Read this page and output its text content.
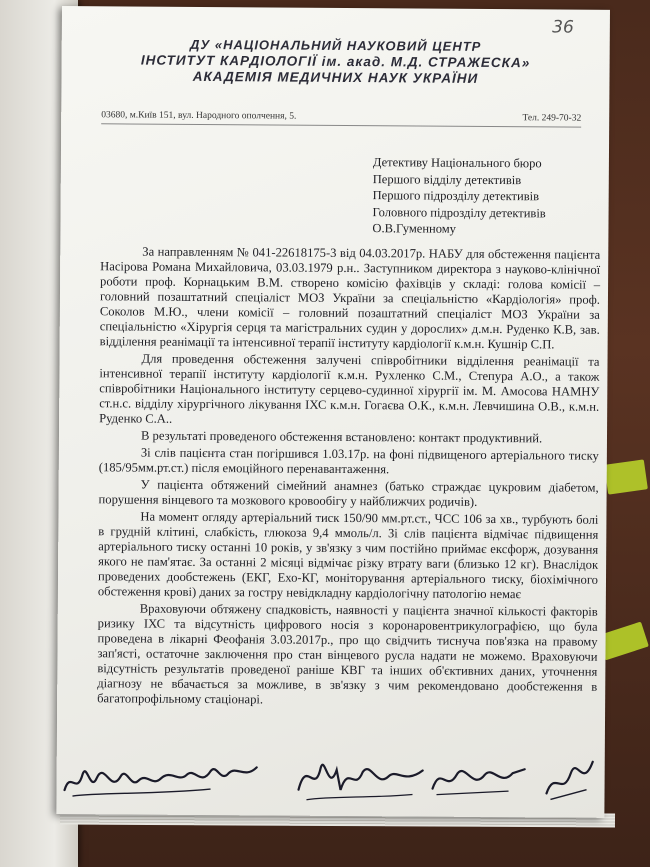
36
ДУ «НАЦІОНАЛЬНИЙ НАУКОВИЙ ЦЕНТР
ІНСТИТУТ КАРДІОЛОГІЇ ім. акад. М.Д. СТРАЖЕСКА»
АКАДЕМІЯ МЕДИЧНИХ НАУК УКРАЇНИ
03680, м.Київ 151, вул. Народного ополчення, 5.	Тел. 249-70-32
Детективу Національного бюро
Першого відділу детективів
Першого підрозділу детективів
Головного підрозділу детективів
О.В.Гуменному

За направленням № 041-22618175-3 від 04.03.2017р. НАБУ для обстеження пацієнта Насірова Романа Михайловича, 03.03.1979 р.н.. Заступником директора з науково-клінічної роботи проф. Корнацьким В.М. створено комісію фахівців у складі: голова комісії – головний позаштатний спеціаліст МОЗ України за спеціальністю «Кардіологія» проф. Соколов М.Ю., члени комісії – головний позаштатний спеціаліст МОЗ України за спеціальністю «Хірургія серця та магістральних судин у дорослих» д.м.н. Руденко К.В, зав. відділення реанімації та інтенсивної терапії інституту кардіології к.м.н. Кушнір С.П.

Для проведення обстеження залучені співробітники відділення реанімації та інтенсивної терапії інституту кардіології к.м.н. Рухленко С.М., Степура А.О., а також співробітники Національного інституту серцево-судинної хірургії ім. М. Амосова НАМНУ ст.н.с. відділу хірургічного лікування ІХС к.м.н. Гогаєва О.К., к.м.н. Левчишина О.В., к.м.н. Руденко С.А..

В результаті проведеного обстеження встановлено: контакт продуктивний.

Зі слів пацієнта стан погіршився 1.03.17р. на фоні підвищеного артеріального тиску (185/95мм.рт.ст.) після емоційного перенавантаження.

У пацієнта обтяжений сімейний анамнез (батько страждає цукровим діабетом, порушення вінцевого та мозкового кровообігу у найближчих родичів).

На момент огляду артеріальний тиск 150/90 мм.рт.ст., ЧСС 106 за хв., турбують болі в грудній клітині, слабкість, глюкоза 9,4 ммоль/л. Зі слів пацієнта відмічає підвищення артеріального тиску останні 10 років, у зв'язку з чим постійно приймає ексфорж, дозування якого не пам'ятає. За останні 2 місяці відмічає різку втрату ваги (близько 12 кг). Внаслідок проведених дообстежень (ЕКГ, Ехо-КГ, моніторування артеріального тиску, біохімічного обстеження крові) даних за гостру невідкладну кардіологічну патологію немає

Враховуючи обтяжену спадковість, наявності у пацієнта значної кількості факторів ризику ІХС та відсутність цифрового носія з коронаровентрикулографією, що була проведена в лікарні Феофанія 3.03.2017р., про що свідчить тиснуча пов'язка на правому зап'ясті, остаточне заключення про стан вінцевого русла надати не можемо. Враховуючи відсутність результатів проведеної раніше КВГ та інших об'єктивних даних, уточнення діагнозу не вбачається за можливе, в зв'язку з чим рекомендовано дообстеження в багатопрофільному стаціонарі.
